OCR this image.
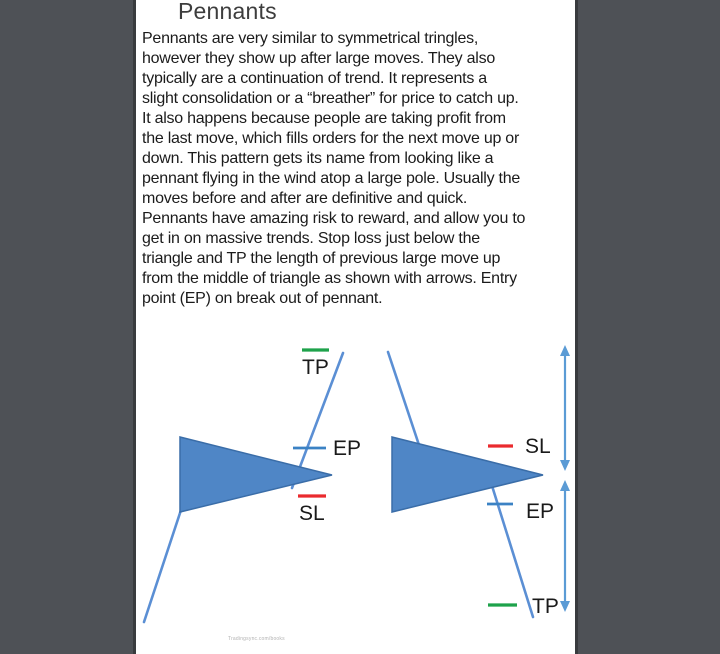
Pennants
Pennants are very similar to symmetrical tringles,
however they show up after large moves. They also
typically are a continuation of trend. It represents a
slight consolidation or a “breather” for price to catch up.
It also happens because people are taking profit from
the last move, which fills orders for the next move up or
down. This pattern gets its name from looking like a
pennant flying in the wind atop a large pole. Usually the
moves before and after are definitive and quick.
Pennants have amazing risk to reward, and allow you to
get in on massive trends. Stop loss just below the
triangle and TP the length of previous large move up
from the middle of triangle as shown with arrows. Entry
point (EP) on break out of pennant.
TP
EP
SL
SL
EP
TP
Tradingsync.com/books
